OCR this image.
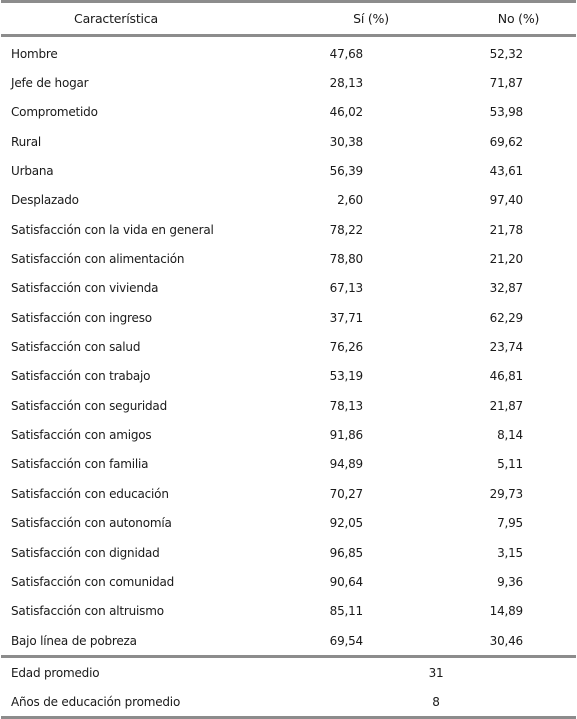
Característica	Sí (%)	No (%)
Hombre	47,68	52,32
Jefe de hogar	28,13	71,87
Comprometido	46,02	53,98
Rural	30,38	69,62
Urbana	56,39	43,61
Desplazado	2,60	97,40
Satisfacción con la vida en general	78,22	21,78
Satisfacción con alimentación	78,80	21,20
Satisfacción con vivienda	67,13	32,87
Satisfacción con ingreso	37,71	62,29
Satisfacción con salud	76,26	23,74
Satisfacción con trabajo	53,19	46,81
Satisfacción con seguridad	78,13	21,87
Satisfacción con amigos	91,86	8,14
Satisfacción con familia	94,89	5,11
Satisfacción con educación	70,27	29,73
Satisfacción con autonomía	92,05	7,95
Satisfacción con dignidad	96,85	3,15
Satisfacción con comunidad	90,64	9,36
Satisfacción con altruismo	85,11	14,89
Bajo línea de pobreza	69,54	30,46
Edad promedio	31	
Años de educación promedio	8	
